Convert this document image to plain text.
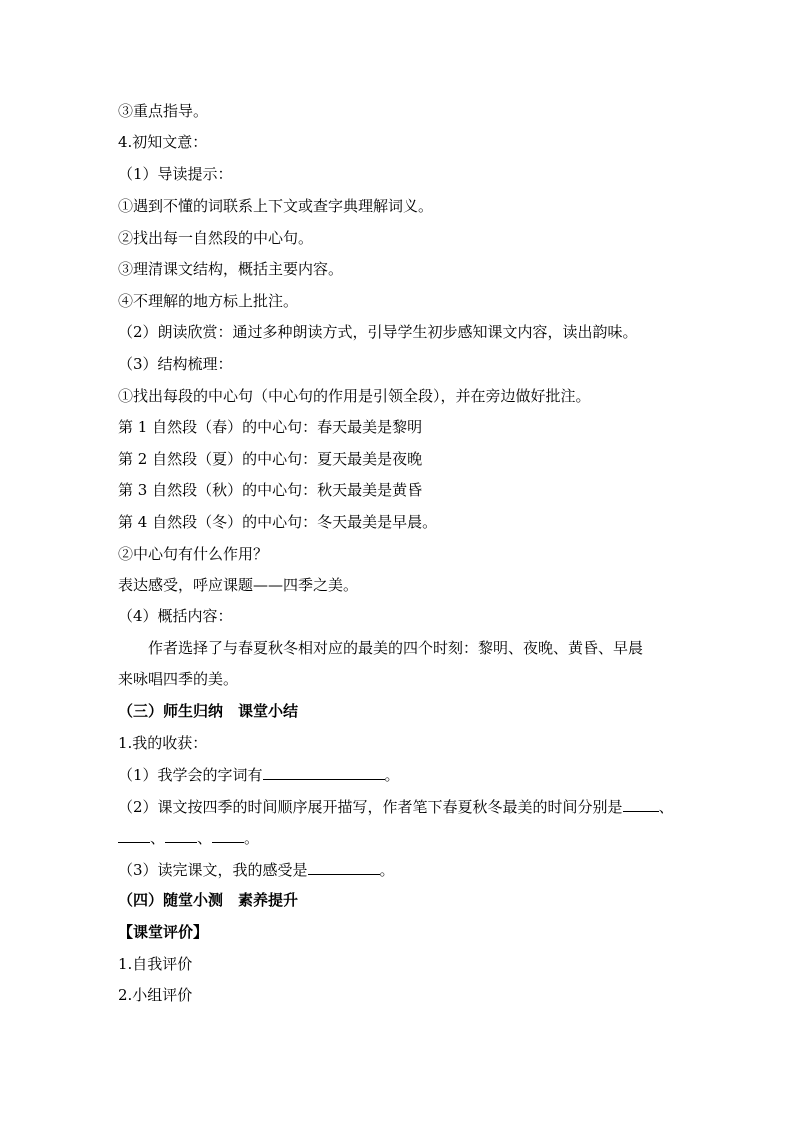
③重点指导。
4.初知文意：
（1）导读提示：
①遇到不懂的词联系上下文或查字典理解词义。
②找出每一自然段的中心句。
③理清课文结构，概括主要内容。
④不理解的地方标上批注。
（2）朗读欣赏：通过多种朗读方式，引导学生初步感知课文内容，读出韵味。
（3）结构梳理：
①找出每段的中心句（中心句的作用是引领全段），并在旁边做好批注。
第 1 自然段（春）的中心句：春天最美是黎明
第 2 自然段（夏）的中心句：夏天最美是夜晚
第 3 自然段（秋）的中心句：秋天最美是黄昏
第 4 自然段（冬）的中心句：冬天最美是早晨。
②中心句有什么作用？
表达感受，呼应课题——四季之美。
（4）概括内容：
作者选择了与春夏秋冬相对应的最美的四个时刻：黎明、夜晚、黄昏、早晨
来咏唱四季的美。
（三）师生归纳　课堂小结
1.我的收获：
（1）我学会的字词有	。
（2）课文按四季的时间顺序展开描写，作者笔下春夏秋冬最美的时间分别是 、
、 、 。
（3）读完课文，我的感受是	。
（四）随堂小测　素养提升
【课堂评价】
1.自我评价
2.小组评价
